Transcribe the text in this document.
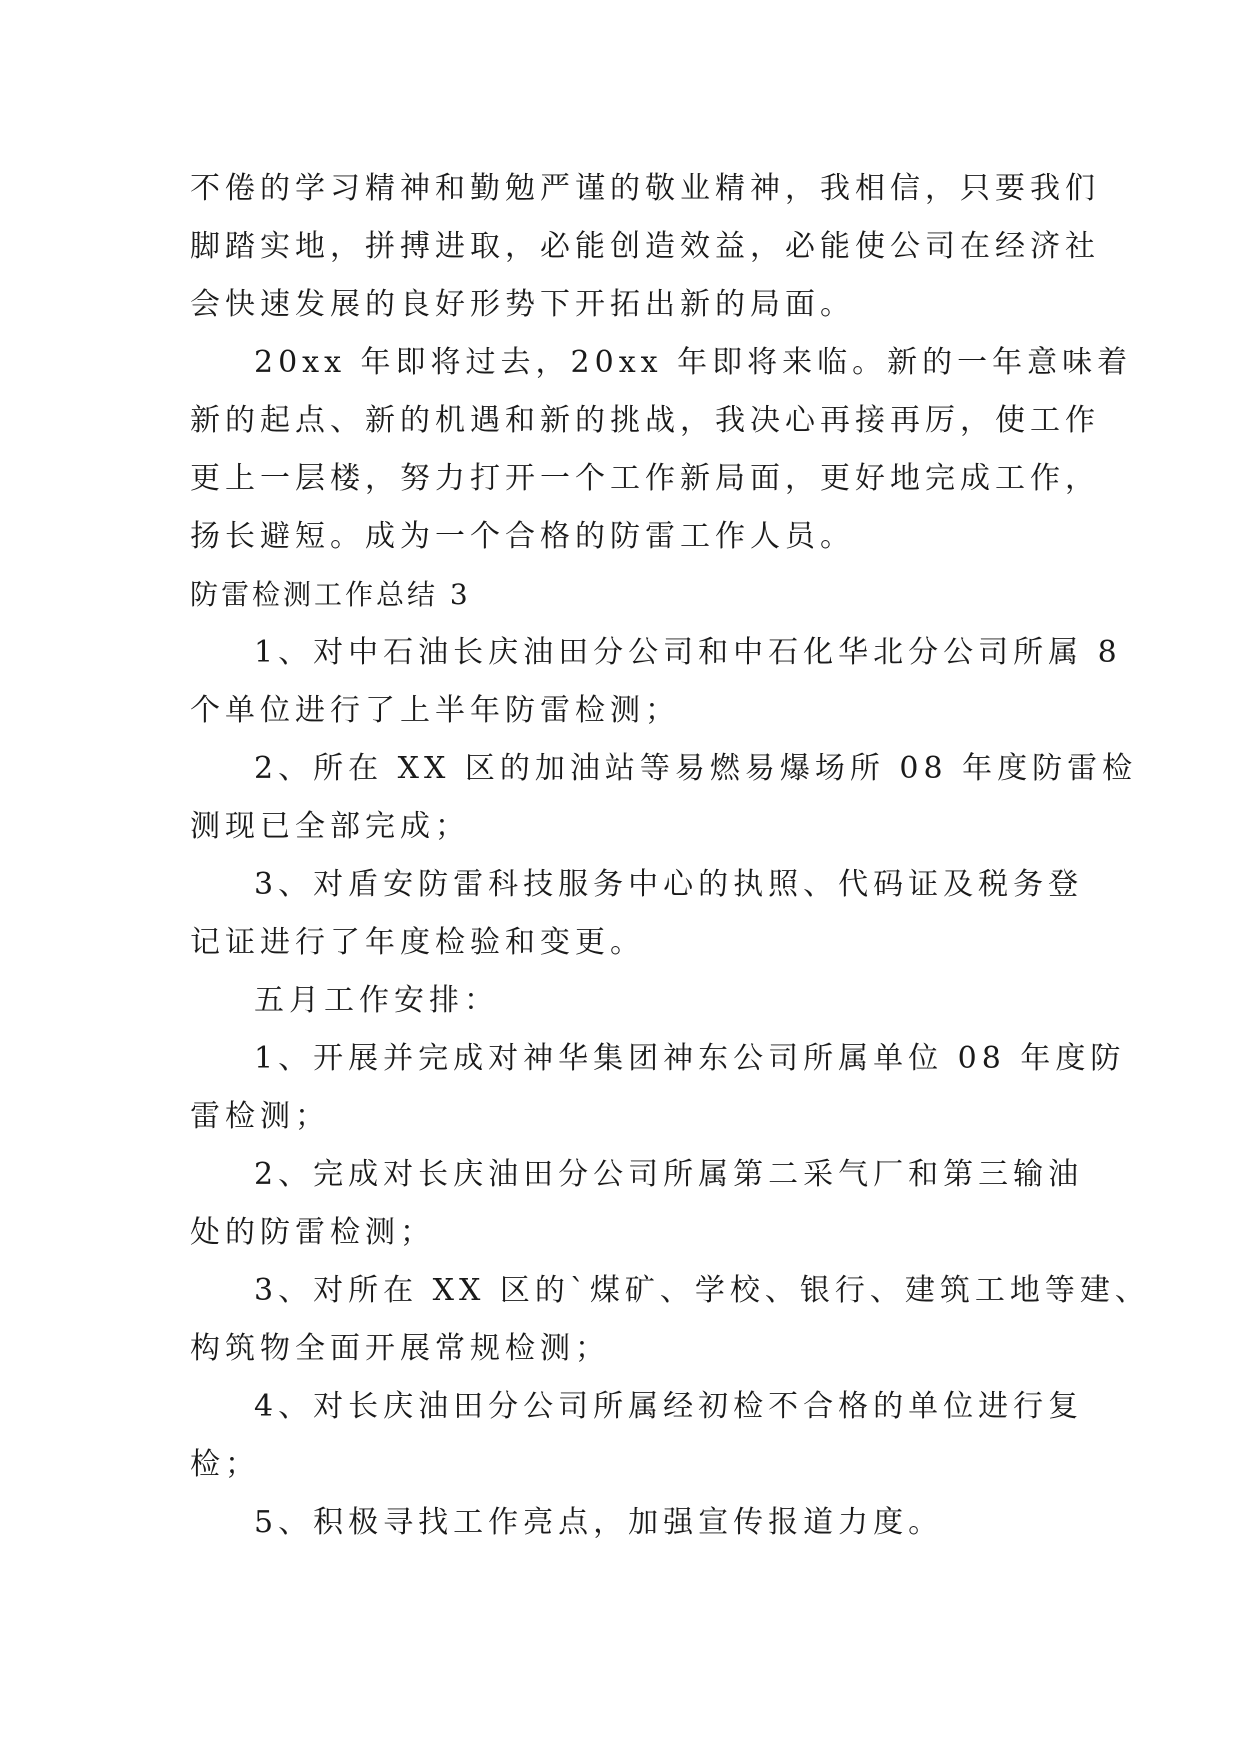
不倦的学习精神和勤勉严谨的敬业精神，我相信，只要我们
脚踏实地，拼搏进取，必能创造效益，必能使公司在经济社
会快速发展的良好形势下开拓出新的局面。

20xx 年即将过去，20xx 年即将来临。新的一年意味着
新的起点、新的机遇和新的挑战，我决心再接再厉，使工作
更上一层楼，努力打开一个工作新局面，更好地完成工作，
扬长避短。成为一个合格的防雷工作人员。

防雷检测工作总结 3

1、对中石油长庆油田分公司和中石化华北分公司所属 8
个单位进行了上半年防雷检测；

2、所在 XX 区的加油站等易燃易爆场所 08 年度防雷检
测现已全部完成；

3、对盾安防雷科技服务中心的执照、代码证及税务登
记证进行了年度检验和变更。

五月工作安排：

1、开展并完成对神华集团神东公司所属单位 08 年度防
雷检测；

2、完成对长庆油田分公司所属第二采气厂和第三输油
处的防雷检测；

3、对所在 XX 区的`煤矿、学校、银行、建筑工地等建、
构筑物全面开展常规检测；

4、对长庆油田分公司所属经初检不合格的单位进行复
检；

5、积极寻找工作亮点，加强宣传报道力度。
